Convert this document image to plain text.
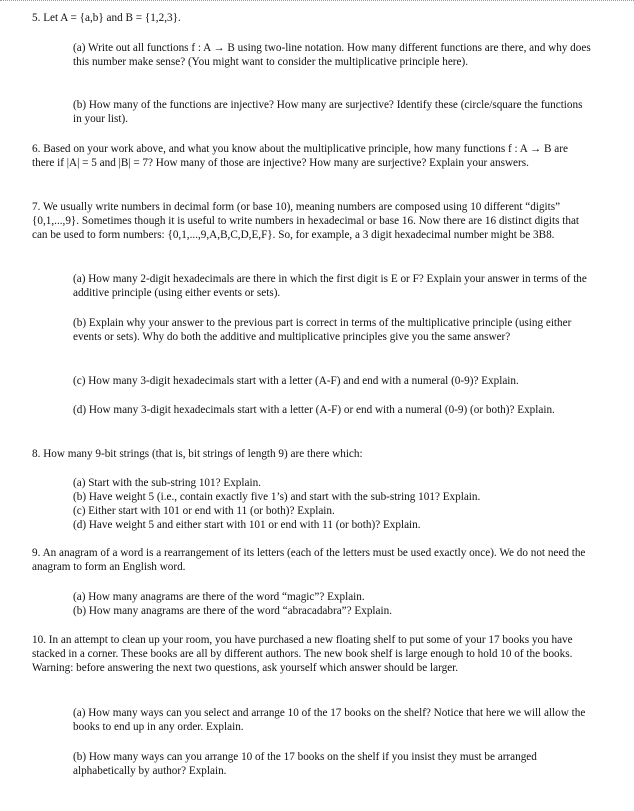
5. Let A = {a,b} and B = {1,2,3}.

(a) Write out all functions f : A → B using two-line notation. How many different functions are there, and why does this number make sense? (You might want to consider the multiplicative principle here).

(b) How many of the functions are injective? How many are surjective? Identify these (circle/square the functions in your list).

6. Based on your work above, and what you know about the multiplicative principle, how many functions f : A → B are there if |A| = 5 and |B| = 7? How many of those are injective? How many are surjective? Explain your answers.

7. We usually write numbers in decimal form (or base 10), meaning numbers are composed using 10 different “digits” {0,1,...,9}. Sometimes though it is useful to write numbers in hexadecimal or base 16. Now there are 16 distinct digits that can be used to form numbers: {0,1,...,9,A,B,C,D,E,F}. So, for example, a 3 digit hexadecimal number might be 3B8.

(a) How many 2-digit hexadecimals are there in which the first digit is E or F? Explain your answer in terms of the additive principle (using either events or sets).

(b) Explain why your answer to the previous part is correct in terms of the multiplicative principle (using either events or sets). Why do both the additive and multiplicative principles give you the same answer?

(c) How many 3-digit hexadecimals start with a letter (A-F) and end with a numeral (0-9)? Explain.

(d) How many 3-digit hexadecimals start with a letter (A-F) or end with a numeral (0-9) (or both)? Explain.

8. How many 9-bit strings (that is, bit strings of length 9) are there which:

(a) Start with the sub-string 101? Explain.
(b) Have weight 5 (i.e., contain exactly five 1’s) and start with the sub-string 101? Explain.
(c) Either start with 101 or end with 11 (or both)? Explain.
(d) Have weight 5 and either start with 101 or end with 11 (or both)? Explain.

9. An anagram of a word is a rearrangement of its letters (each of the letters must be used exactly once). We do not need the anagram to form an English word.

(a) How many anagrams are there of the word “magic”? Explain.
(b) How many anagrams are there of the word “abracadabra”? Explain.

10. In an attempt to clean up your room, you have purchased a new floating shelf to put some of your 17 books you have stacked in a corner. These books are all by different authors. The new book shelf is large enough to hold 10 of the books. Warning: before answering the next two questions, ask yourself which answer should be larger.

(a) How many ways can you select and arrange 10 of the 17 books on the shelf? Notice that here we will allow the books to end up in any order. Explain.

(b) How many ways can you arrange 10 of the 17 books on the shelf if you insist they must be arranged alphabetically by author? Explain.
